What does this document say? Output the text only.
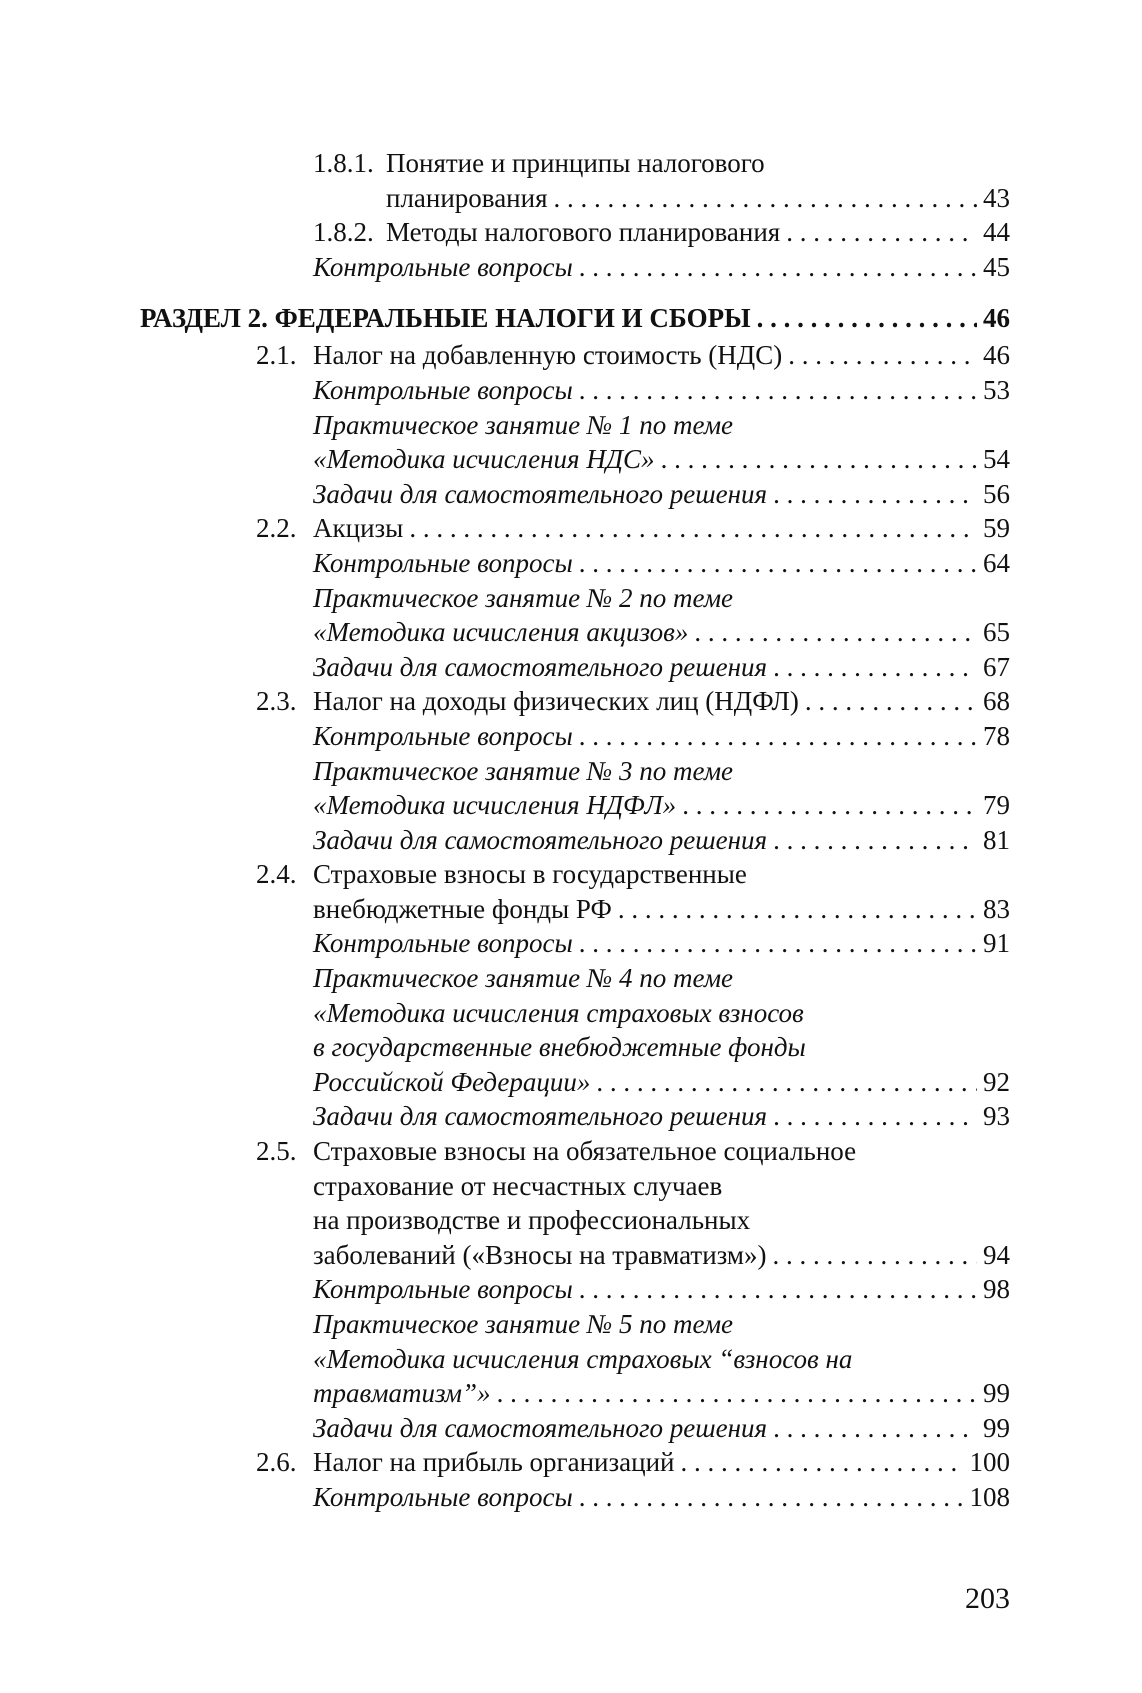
1.8.1. Понятие и принципы налогового
планирования . . .	43
1.8.2. Методы налогового планирования . . .	44
Контрольные вопросы . . .	45
РАЗДЕЛ 2. ФЕДЕРАЛЬНЫЕ НАЛОГИ И СБОРЫ . . .	46
2.1. Налог на добавленную стоимость (НДС) . . .	46
Контрольные вопросы . . .	53
Практическое занятие № 1 по теме
«Методика исчисления НДС» . . .	54
Задачи для самостоятельного решения . . .	56
2.2. Акцизы . . .	59
Контрольные вопросы . . .	64
Практическое занятие № 2 по теме
«Методика исчисления акцизов» . . .	65
Задачи для самостоятельного решения . . .	67
2.3. Налог на доходы физических лиц (НДФЛ) . . .	68
Контрольные вопросы . . .	78
Практическое занятие № 3 по теме
«Методика исчисления НДФЛ» . . .	79
Задачи для самостоятельного решения . . .	81
2.4. Страховые взносы в государственные
внебюджетные фонды РФ . . .	83
Контрольные вопросы . . .	91
Практическое занятие № 4 по теме
«Методика исчисления страховых взносов
в государственные внебюджетные фонды
Российской Федерации» . . .	92
Задачи для самостоятельного решения . . .	93
2.5. Страховые взносы на обязательное социальное
страхование от несчастных случаев
на производстве и профессиональных
заболеваний («Взносы на травматизм») . . .	94
Контрольные вопросы . . .	98
Практическое занятие № 5 по теме
«Методика исчисления страховых “взносов на
травматизм”» . . .	99
Задачи для самостоятельного решения . . .	99
2.6. Налог на прибыль организаций . . .	100
Контрольные вопросы . . .	108
203
